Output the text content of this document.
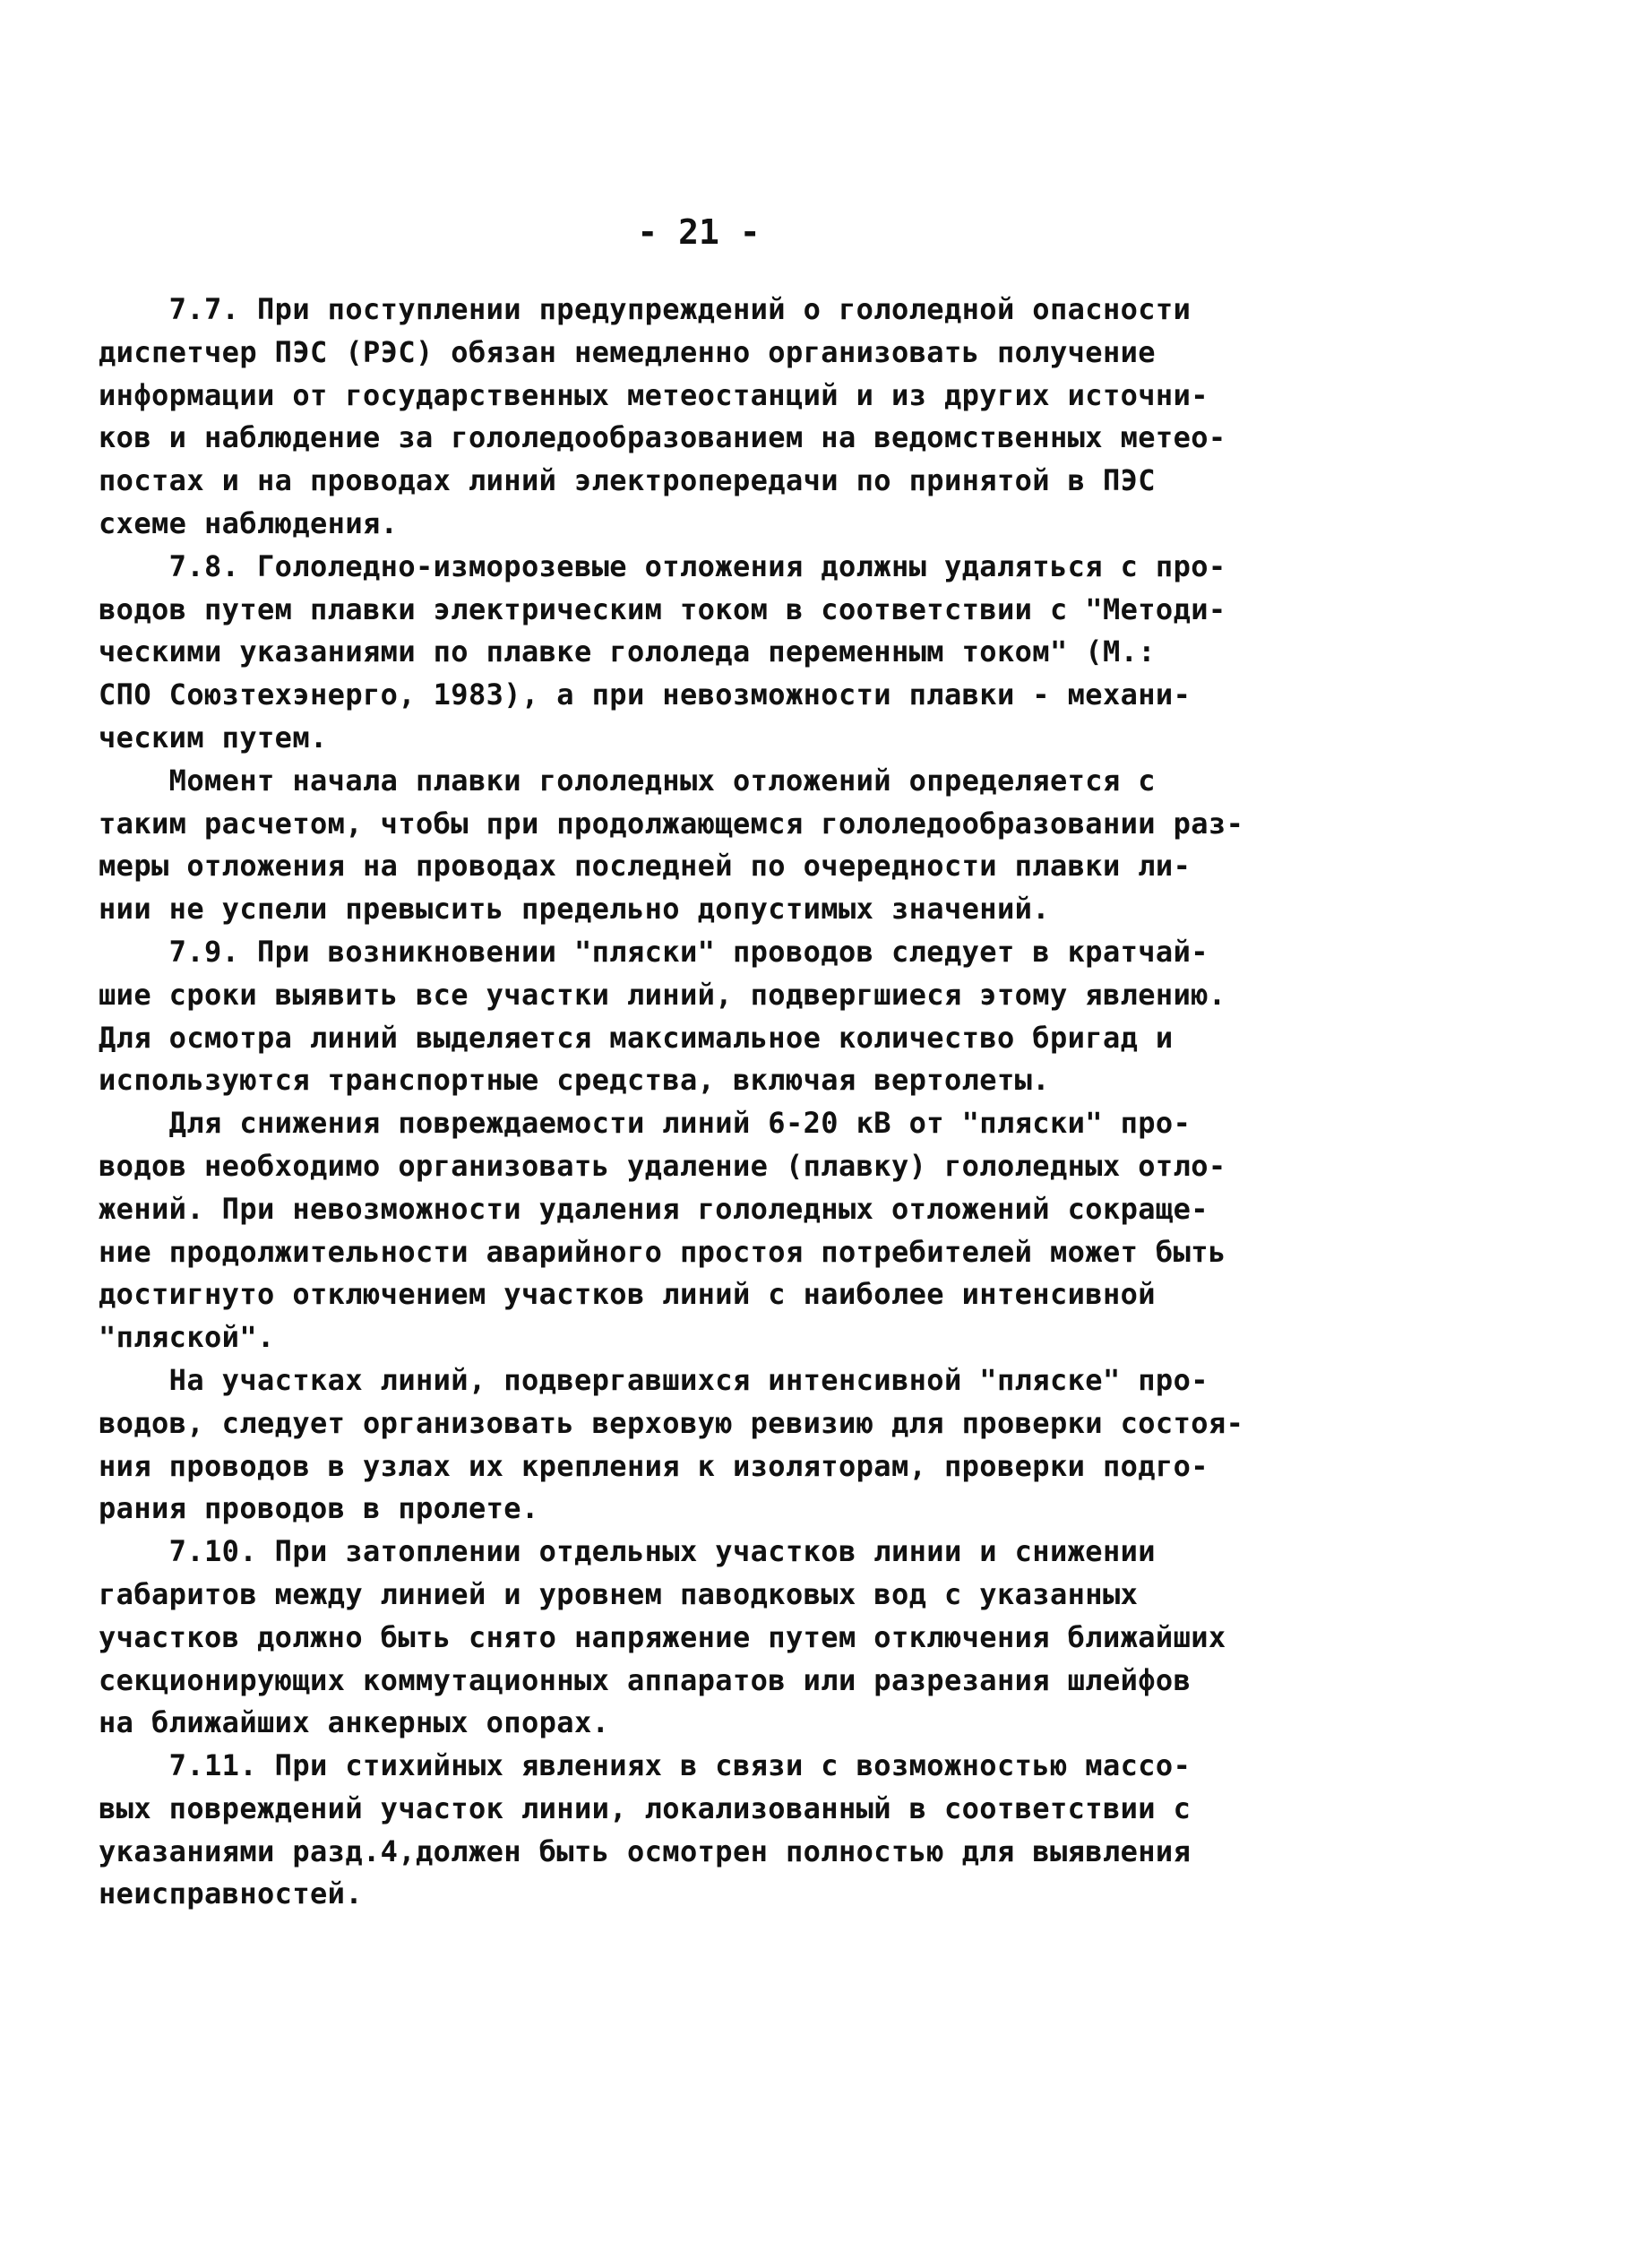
- 21 -
7.7. При поступлении предупреждений о гололедной опасности
диспетчер ПЭС (РЭС) обязан немедленно организовать получение
информации от государственных метеостанций и из других источни-
ков и наблюдение за гололедообразованием на ведомственных метео-
постах и на проводах линий электропередачи по принятой в ПЭС
схеме наблюдения.
7.8. Гололедно-изморозевые отложения должны удаляться с про-
водов путем плавки электрическим током в соответствии с "Методи-
ческими указаниями по плавке гололеда переменным током" (М.:
СПО Союзтехэнерго, 1983), а при невозможности плавки - механи-
ческим путем.
Момент начала плавки гололедных отложений определяется с
таким расчетом, чтобы при продолжающемся гололедообразовании раз-
меры отложения на проводах последней по очередности плавки ли-
нии не успели превысить предельно допустимых значений.
7.9. При возникновении "пляски" проводов следует в кратчай-
шие сроки выявить все участки линий, подвергшиеся этому явлению.
Для осмотра линий выделяется максимальное количество бригад и
используются транспортные средства, включая вертолеты.
Для снижения повреждаемости линий 6-20 кВ от "пляски" про-
водов необходимо организовать удаление (плавку) гололедных отло-
жений. При невозможности удаления гололедных отложений сокраще-
ние продолжительности аварийного простоя потребителей может быть
достигнуто отключением участков линий с наиболее интенсивной
"пляской".
На участках линий, подвергавшихся интенсивной "пляске" про-
водов, следует организовать верховую ревизию для проверки состоя-
ния проводов в узлах их крепления к изоляторам, проверки подго-
рания проводов в пролете.
7.10. При затоплении отдельных участков линии и снижении
габаритов между линией и уровнем паводковых вод с указанных
участков должно быть снято напряжение путем отключения ближайших
секционирующих коммутационных аппаратов или разрезания шлейфов
на ближайших анкерных опорах.
7.11. При стихийных явлениях в связи с возможностью массо-
вых повреждений участок линии, локализованный в соответствии с
указаниями разд.4,должен быть осмотрен полностью для выявления
неисправностей.
